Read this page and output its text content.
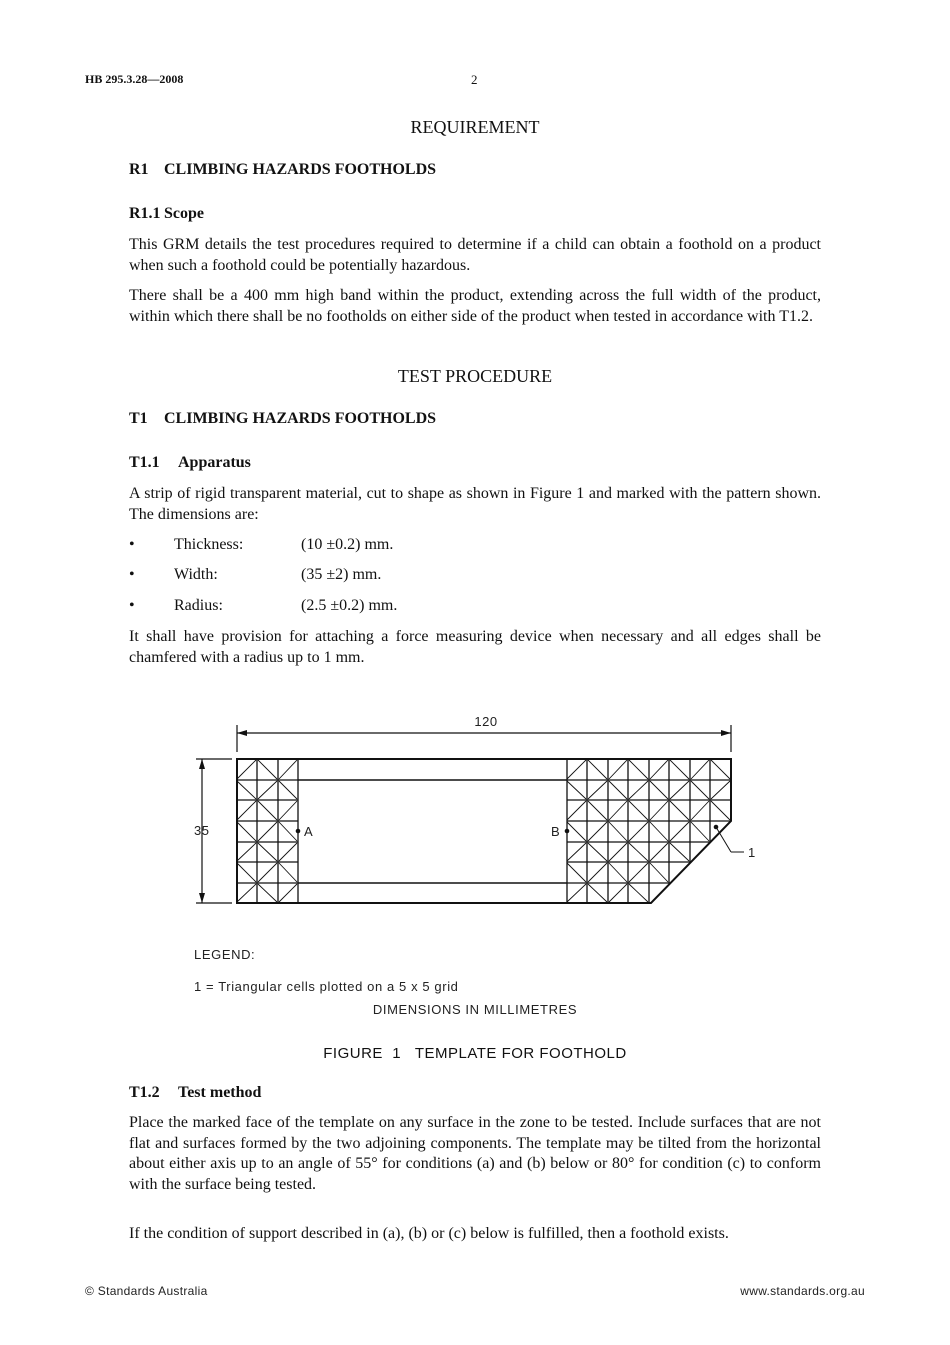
HB 295.3.28—2008	2
REQUIREMENT
R1 CLIMBING HAZARDS FOOTHOLDS
R1.1 Scope
This GRM details the test procedures required to determine if a child can obtain a foothold on a product when such a foothold could be potentially hazardous.
There shall be a 400 mm high band within the product, extending across the full width of the product, within which there shall be no footholds on either side of the product when tested in accordance with T1.2.
TEST PROCEDURE
T1 CLIMBING HAZARDS FOOTHOLDS
T1.1 Apparatus
A strip of rigid transparent material, cut to shape as shown in Figure 1 and marked with the pattern shown. The dimensions are:
• Thickness:	(10 ±0.2) mm.
• Width:	(35 ±2) mm.
• Radius:	(2.5 ±0.2) mm.
It shall have provision for attaching a force measuring device when necessary and all edges shall be chamfered with a radius up to 1 mm.
120
35	A	B
1
LEGEND:
1 = Triangular cells plotted on a 5 x 5 grid
DIMENSIONS IN MILLIMETRES
FIGURE  1   TEMPLATE FOR FOOTHOLD
T1.2 Test method
Place the marked face of the template on any surface in the zone to be tested. Include surfaces that are not flat and surfaces formed by the two adjoining components. The template may be tilted from the horizontal about either axis up to an angle of 55° for conditions (a) and (b) below or 80° for condition (c) to conform with the surface being tested.
If the condition of support described in (a), (b) or (c) below is fulfilled, then a foothold exists.
© Standards Australia	www.standards.org.au
